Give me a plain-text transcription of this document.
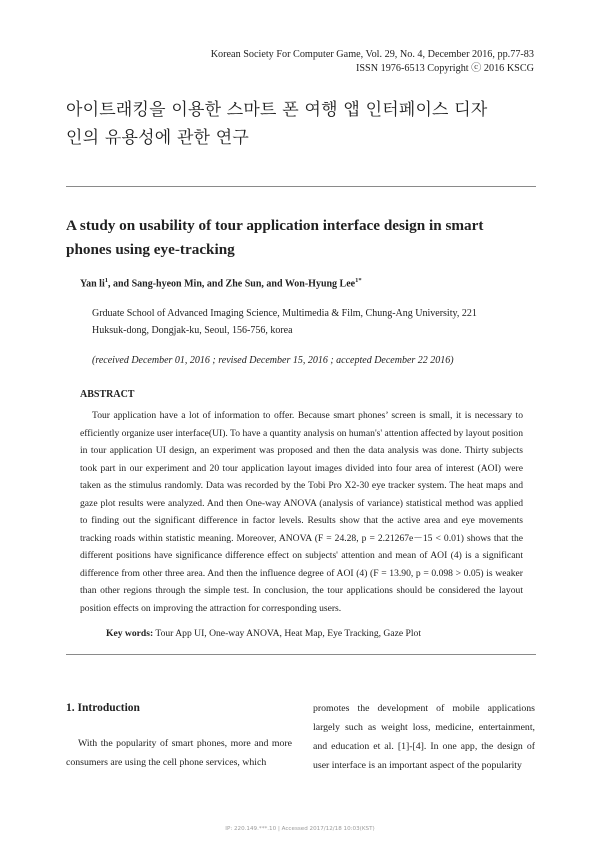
Korean Society For Computer Game, Vol. 29, No. 4, December 2016, pp.77-83
ISSN 1976-6513 Copyright ⓒ 2016 KSCG
아이트래킹을 이용한 스마트 폰 여행 앱 인터페이스 디자
인의 유용성에 관한 연구
A study on usability of tour application interface design in smart
phones using eye-tracking
Yan $li^1$, and Sang-hyeon Min, and Zhe Sun, and Won-Hyung Lee$^{1*}$
Grduate School of Advanced Imaging Science, Multimedia & Film, Chung-Ang University, 221
Huksuk-dong, Dongjak-ku, Seoul, 156-756, korea
(received December 01, 2016 ; revised December 15, 2016 ; accepted December 22 2016)
ABSTRACT
Tour application have a lot of information to offer. Because smart phones’ screen is small, it is necessary to efficiently organize user interface(UI). To have a quantity analysis on human's' attention affected by layout position in tour application UI design, an experiment was proposed and then the data analysis was done. Thirty subjects took part in our experiment and 20 tour application layout images divided into four area of interest (AOI) were taken as the stimulus randomly. Data was recorded by the Tobi Pro X2-30 eye tracker system. The heat maps and gaze plot results were analyzed. And then One-way ANOVA (analysis of variance) statistical method was applied to finding out the significant difference in factor levels. Results show that the active area and eye movements tracking roads within statistic meaning. Moreover, ANOVA (F = 24.28, p = 2.21267e－15 < 0.01) shows that the different positions have significance difference effect on subjects' attention and mean of AOI (4) is a significant difference from other three area. And then the influence degree of AOI (4) (F = 13.90, p = 0.098 > 0.05) is weaker than other regions through the simple test. In conclusion, the tour applications should be considered the layout position effects on improving the attraction for corresponding users.
Key words: Tour App UI, One-way ANOVA, Heat Map, Eye Tracking, Gaze Plot
1. Introduction
With the popularity of smart phones, more and more consumers are using the cell phone services, which
promotes the development of mobile applications largely such as weight loss, medicine, entertainment, and education et al. [1]-[4]. In one app, the design of user interface is an important aspect of the popularity
IP: 220.149.***.10 | Accessed 2017/12/18 10:03(KST)
